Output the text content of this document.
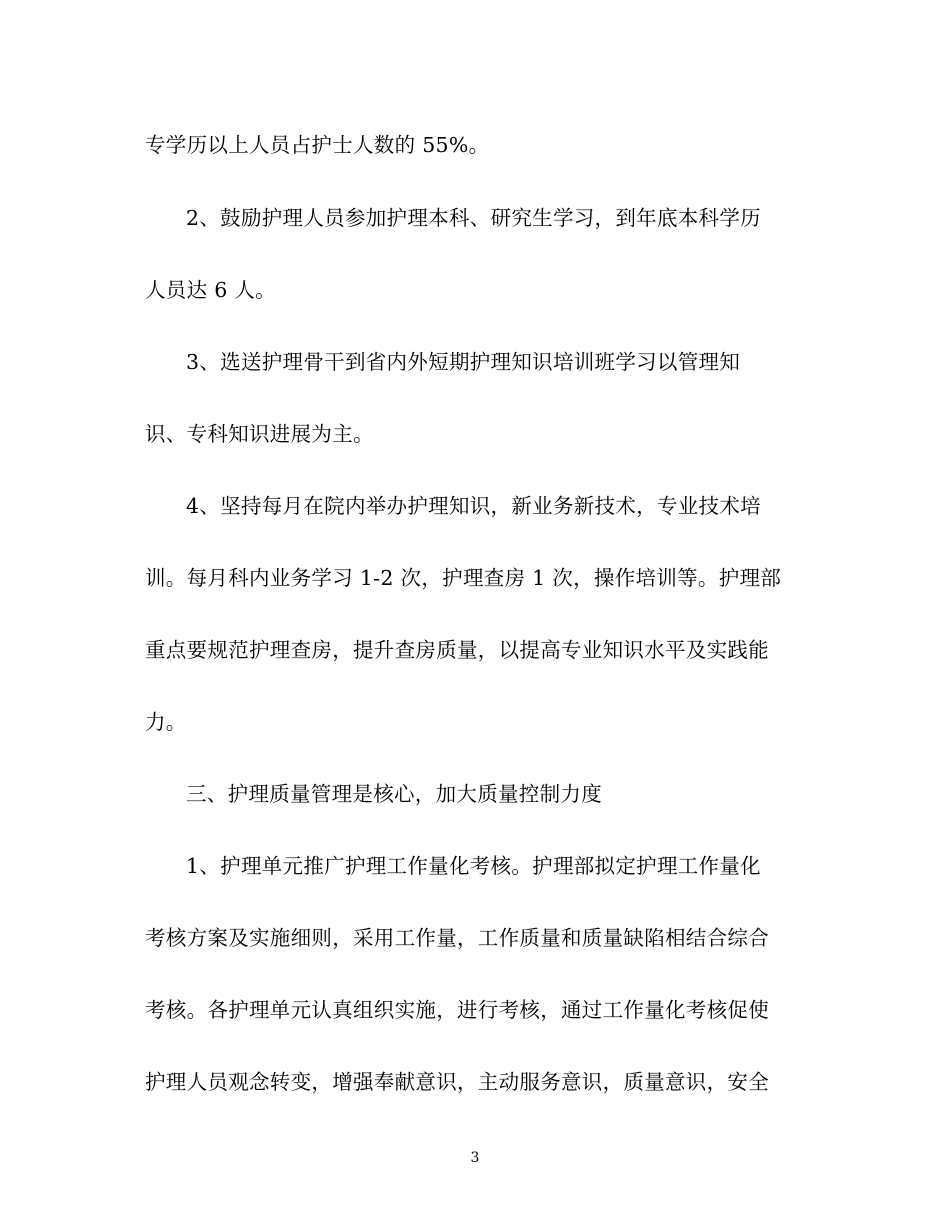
专学历以上人员占护士人数的 55%。
2、鼓励护理人员参加护理本科、研究生学习，到年底本科学历
人员达 6 人。
3、选送护理骨干到省内外短期护理知识培训班学习以管理知
识、专科知识进展为主。
4、坚持每月在院内举办护理知识，新业务新技术，专业技术培
训。每月科内业务学习 1-2 次，护理查房 1 次，操作培训等。护理部
重点要规范护理查房，提升查房质量，以提高专业知识水平及实践能
力。
三、护理质量管理是核心，加大质量控制力度
1、护理单元推广护理工作量化考核。护理部拟定护理工作量化
考核方案及实施细则，采用工作量，工作质量和质量缺陷相结合综合
考核。各护理单元认真组织实施，进行考核，通过工作量化考核促使
护理人员观念转变，增强奉献意识，主动服务意识，质量意识，安全
3
